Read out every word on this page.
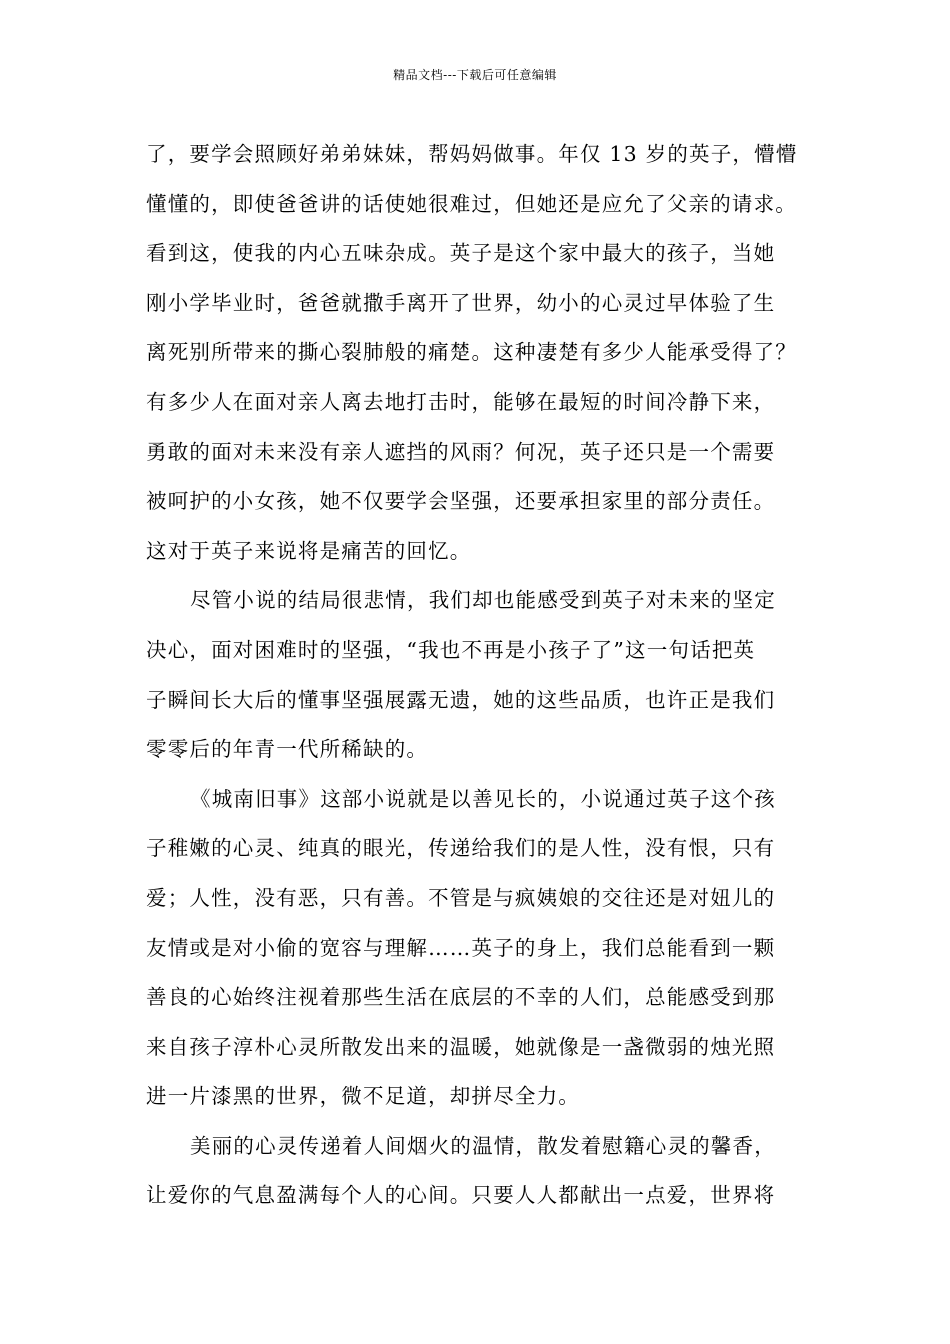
精品文档---下载后可任意编辑
了，要学会照顾好弟弟妹妹，帮妈妈做事。年仅 13 岁的英子，懵懵
懂懂的，即使爸爸讲的话使她很难过，但她还是应允了父亲的请求。
看到这，使我的内心五味杂成。英子是这个家中最大的孩子，当她
刚小学毕业时，爸爸就撒手离开了世界，幼小的心灵过早体验了生
离死别所带来的撕心裂肺般的痛楚。这种凄楚有多少人能承受得了？
有多少人在面对亲人离去地打击时，能够在最短的时间冷静下来，
勇敢的面对未来没有亲人遮挡的风雨？何况，英子还只是一个需要
被呵护的小女孩，她不仅要学会坚强，还要承担家里的部分责任。
这对于英子来说将是痛苦的回忆。
尽管小说的结局很悲情，我们却也能感受到英子对未来的坚定
决心，面对困难时的坚强，“我也不再是小孩子了”这一句话把英
子瞬间长大后的懂事坚强展露无遗，她的这些品质，也许正是我们
零零后的年青一代所稀缺的。
《城南旧事》这部小说就是以善见长的，小说通过英子这个孩
子稚嫩的心灵、纯真的眼光，传递给我们的是人性，没有恨，只有
爱；人性，没有恶，只有善。不管是与疯姨娘的交往还是对妞儿的
友情或是对小偷的宽容与理解……英子的身上，我们总能看到一颗
善良的心始终注视着那些生活在底层的不幸的人们，总能感受到那
来自孩子淳朴心灵所散发出来的温暖，她就像是一盏微弱的烛光照
进一片漆黑的世界，微不足道，却拼尽全力。
美丽的心灵传递着人间烟火的温情，散发着慰籍心灵的馨香，
让爱你的气息盈满每个人的心间。只要人人都献出一点爱，世界将
